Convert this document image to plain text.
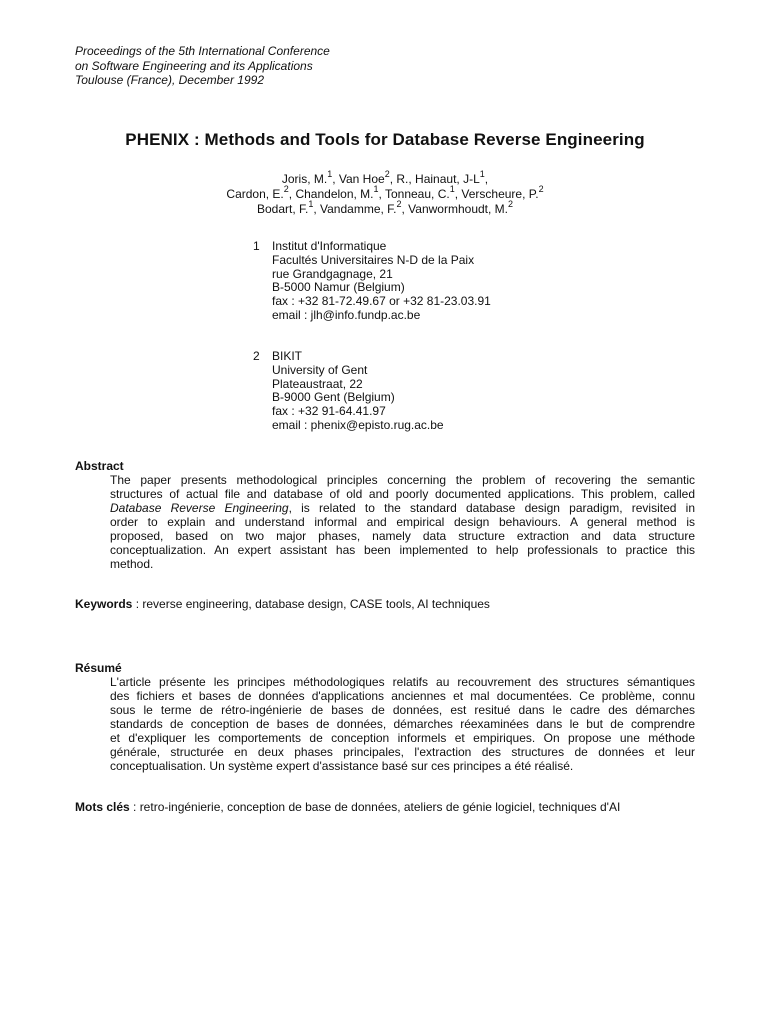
Proceedings of the 5th International Conference
on Software Engineering and its Applications
Toulouse (France), December 1992
PHENIX : Methods and Tools for Database Reverse Engineering
Joris, M.$^1$, Van Hoe$^2$, R., Hainaut, $J-L^1$,
Cardon, E.$^2$, Chandelon, M.$^1$, Tonneau, C.$^1$, Verscheure, P.$^2$
Bodart, F.$^1$, Vandamme, F.$^2$, Vanwormhoudt, M.$^2$
1	Institut d'Informatique
Facultés Universitaires N-D de la Paix
rue Grandgagnage, 21
B-5000 Namur (Belgium)
fax : +32 81-72.49.67 or +32 81-23.03.91
email : jlh@info.fundp.ac.be
2	BIKIT
University of Gent
Plateaustraat, 22
B-9000 Gent (Belgium)
fax : +32 91-64.41.97
email : phenix@episto.rug.ac.be
Abstract
The paper presents methodological principles concerning the problem of recovering the semantic
structures of actual file and database of old and poorly documented applications. This problem, called
Database Reverse Engineering, is related to the standard database design paradigm, revisited in
order to explain and understand informal and empirical design behaviours. A general method is
proposed, based on two major phases, namely data structure extraction and data structure
conceptualization. An expert assistant has been implemented to help professionals to practice this
method.
Keywords : reverse engineering, database design, CASE tools, AI techniques
Résumé
L'article présente les principes méthodologiques relatifs au recouvrement des structures sémantiques
des fichiers et bases de données d'applications anciennes et mal documentées. Ce problème, connu
sous le terme de rétro-ingénierie de bases de données, est resitué dans le cadre des démarches
standards de conception de bases de données, démarches réexaminées dans le but de comprendre
et d'expliquer les comportements de conception informels et empiriques. On propose une méthode
générale, structurée en deux phases principales, l'extraction des structures de données et leur
conceptualisation. Un système expert d'assistance basé sur ces principes a été réalisé.
Mots clés : retro-ingénierie, conception de base de données, ateliers de génie logiciel, techniques d'AI
